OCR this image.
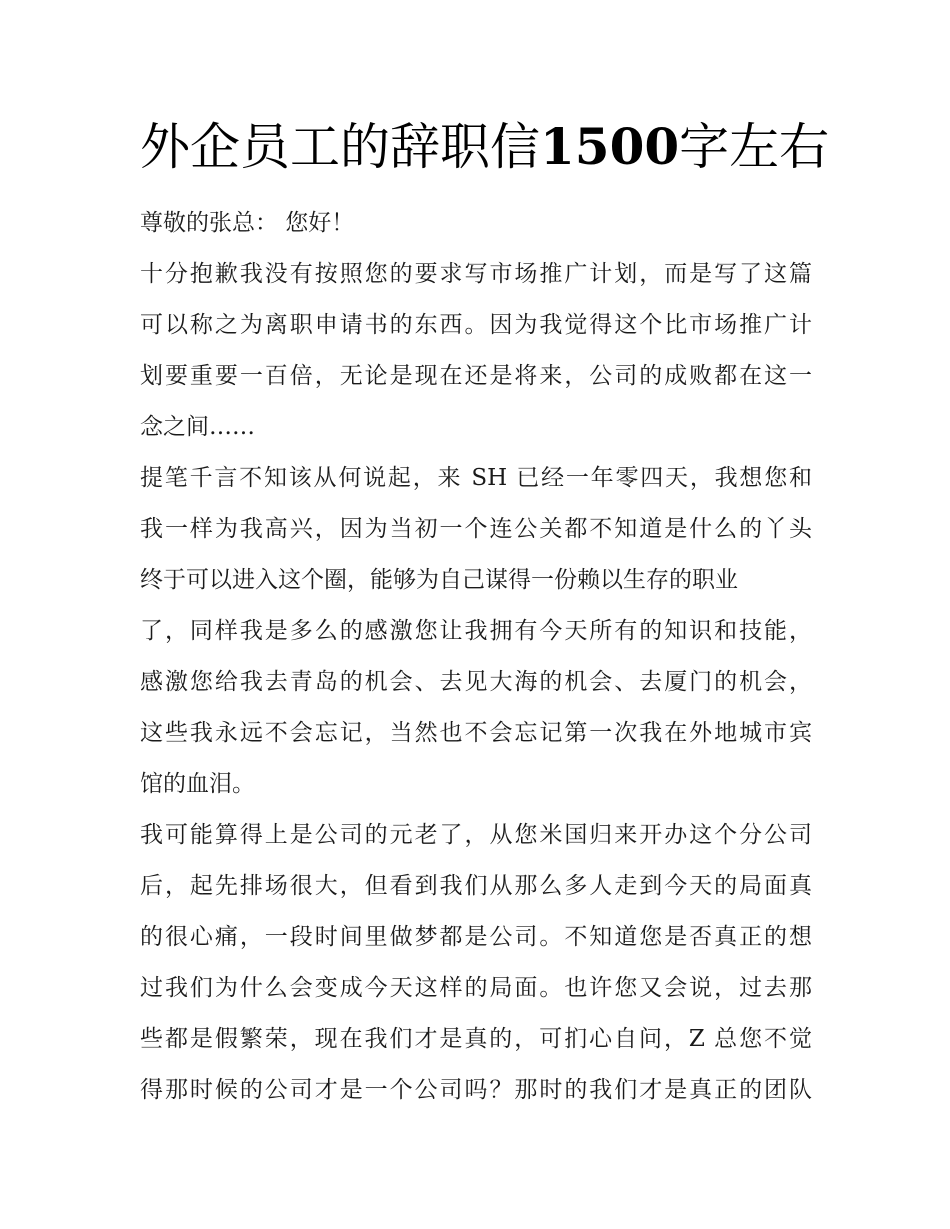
外企员工的辞职信1500字左右
尊敬的张总： 您好！
十分抱歉我没有按照您的要求写市场推广计划，而是写了这篇
可以称之为离职申请书的东西。因为我觉得这个比市场推广计
划要重要一百倍，无论是现在还是将来，公司的成败都在这一
念之间……
提笔千言不知该从何说起，来 SH 已经一年零四天，我想您和
我一样为我高兴，因为当初一个连公关都不知道是什么的丫头
终于可以进入这个圈，能够为自己谋得一份赖以生存的职业
了，同样我是多么的感激您让我拥有今天所有的知识和技能，
感激您给我去青岛的机会、去见大海的机会、去厦门的机会，
这些我永远不会忘记，当然也不会忘记第一次我在外地城市宾
馆的血泪。
我可能算得上是公司的元老了，从您米国归来开办这个分公司
后，起先排场很大，但看到我们从那么多人走到今天的局面真
的很心痛，一段时间里做梦都是公司。不知道您是否真正的想
过我们为什么会变成今天这样的局面。也许您又会说，过去那
些都是假繁荣，现在我们才是真的，可扪心自问，Z 总您不觉
得那时候的公司才是一个公司吗？那时的我们才是真正的团队
